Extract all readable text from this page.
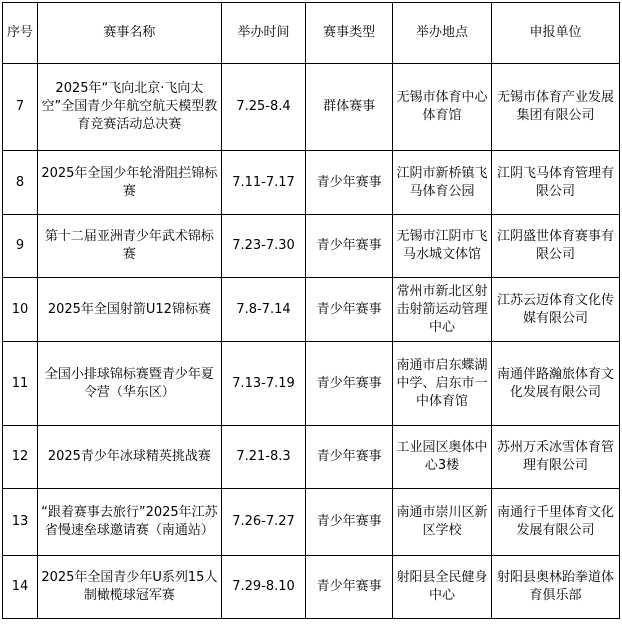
序号	赛事名称	举办时间	赛事类型	举办地点	申报单位
7	2025年“飞向北京·飞向太空”全国青少年航空航天模型教育竞赛活动总决赛	7.25-8.4	群体赛事	无锡市体育中心体育馆	无锡市体育产业发展集团有限公司
8	2025年全国少年轮滑阻拦锦标赛	7.11-7.17	青少年赛事	江阴市新桥镇飞马体育公园	江阴飞马体育管理有限公司
9	第十二届亚洲青少年武术锦标赛	7.23-7.30	青少年赛事	无锡市江阴市飞马水城文体馆	江阴盛世体育赛事有限公司
10	2025年全国射箭U12锦标赛	7.8-7.14	青少年赛事	常州市新北区射击射箭运动管理中心	江苏云迈体育文化传媒有限公司
11	全国小排球锦标赛暨青少年夏令营（华东区）	7.13-7.19	青少年赛事	南通市启东蝶湖中学、启东市一中体育馆	南通伴路瀚旅体育文化发展有限公司
12	2025青少年冰球精英挑战赛	7.21-8.3	青少年赛事	工业园区奥体中心3楼	苏州万禾冰雪体育管理有限公司
13	“跟着赛事去旅行”2025年江苏省慢速垒球邀请赛（南通站）	7.26-7.27	青少年赛事	南通市崇川区新区学校	南通行千里体育文化发展有限公司
14	2025年全国青少年U系列15人制橄榄球冠军赛	7.29-8.10	青少年赛事	射阳县全民健身中心	射阳县奥林跆拳道体育俱乐部
